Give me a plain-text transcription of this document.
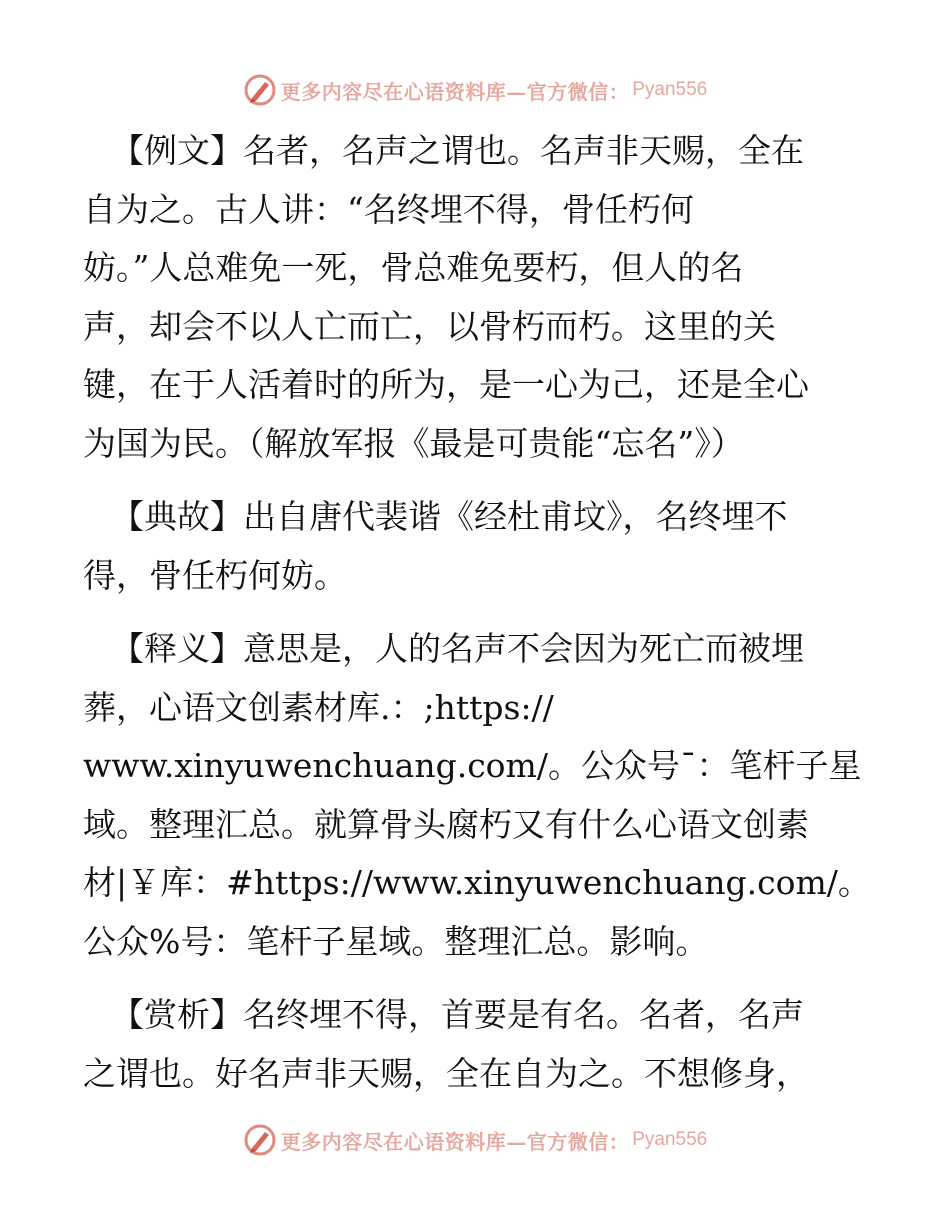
更多内容尽在心语资料库—官方微信： Pyan556

【例文】名者，名声之谓也。名声非天赐，全在
自为之。古人讲：“名终埋不得，骨任朽何
妨。”人总难免一死，骨总难免要朽，但人的名
声，却会不以人亡而亡，以骨朽而朽。这里的关
键，在于人活着时的所为，是一心为己，还是全心
为国为民。（解放军报《最是可贵能“忘名”》）

【典故】出自唐代裴谐《经杜甫坟》，名终埋不
得，骨任朽何妨。

【释义】意思是，人的名声不会因为死亡而被埋
葬，心语文创素材库.：;https://
www.xinyuwenchuang.com/。公众号¯：笔杆子星
域。整理汇总。就算骨头腐朽又有什么心语文创素
材|￥库：#https://www.xinyuwenchuang.com/。
公众%号：笔杆子星域。整理汇总。影响。

【赏析】名终埋不得，首要是有名。名者，名声
之谓也。好名声非天赐，全在自为之。不想修身，

更多内容尽在心语资料库—官方微信： Pyan556
